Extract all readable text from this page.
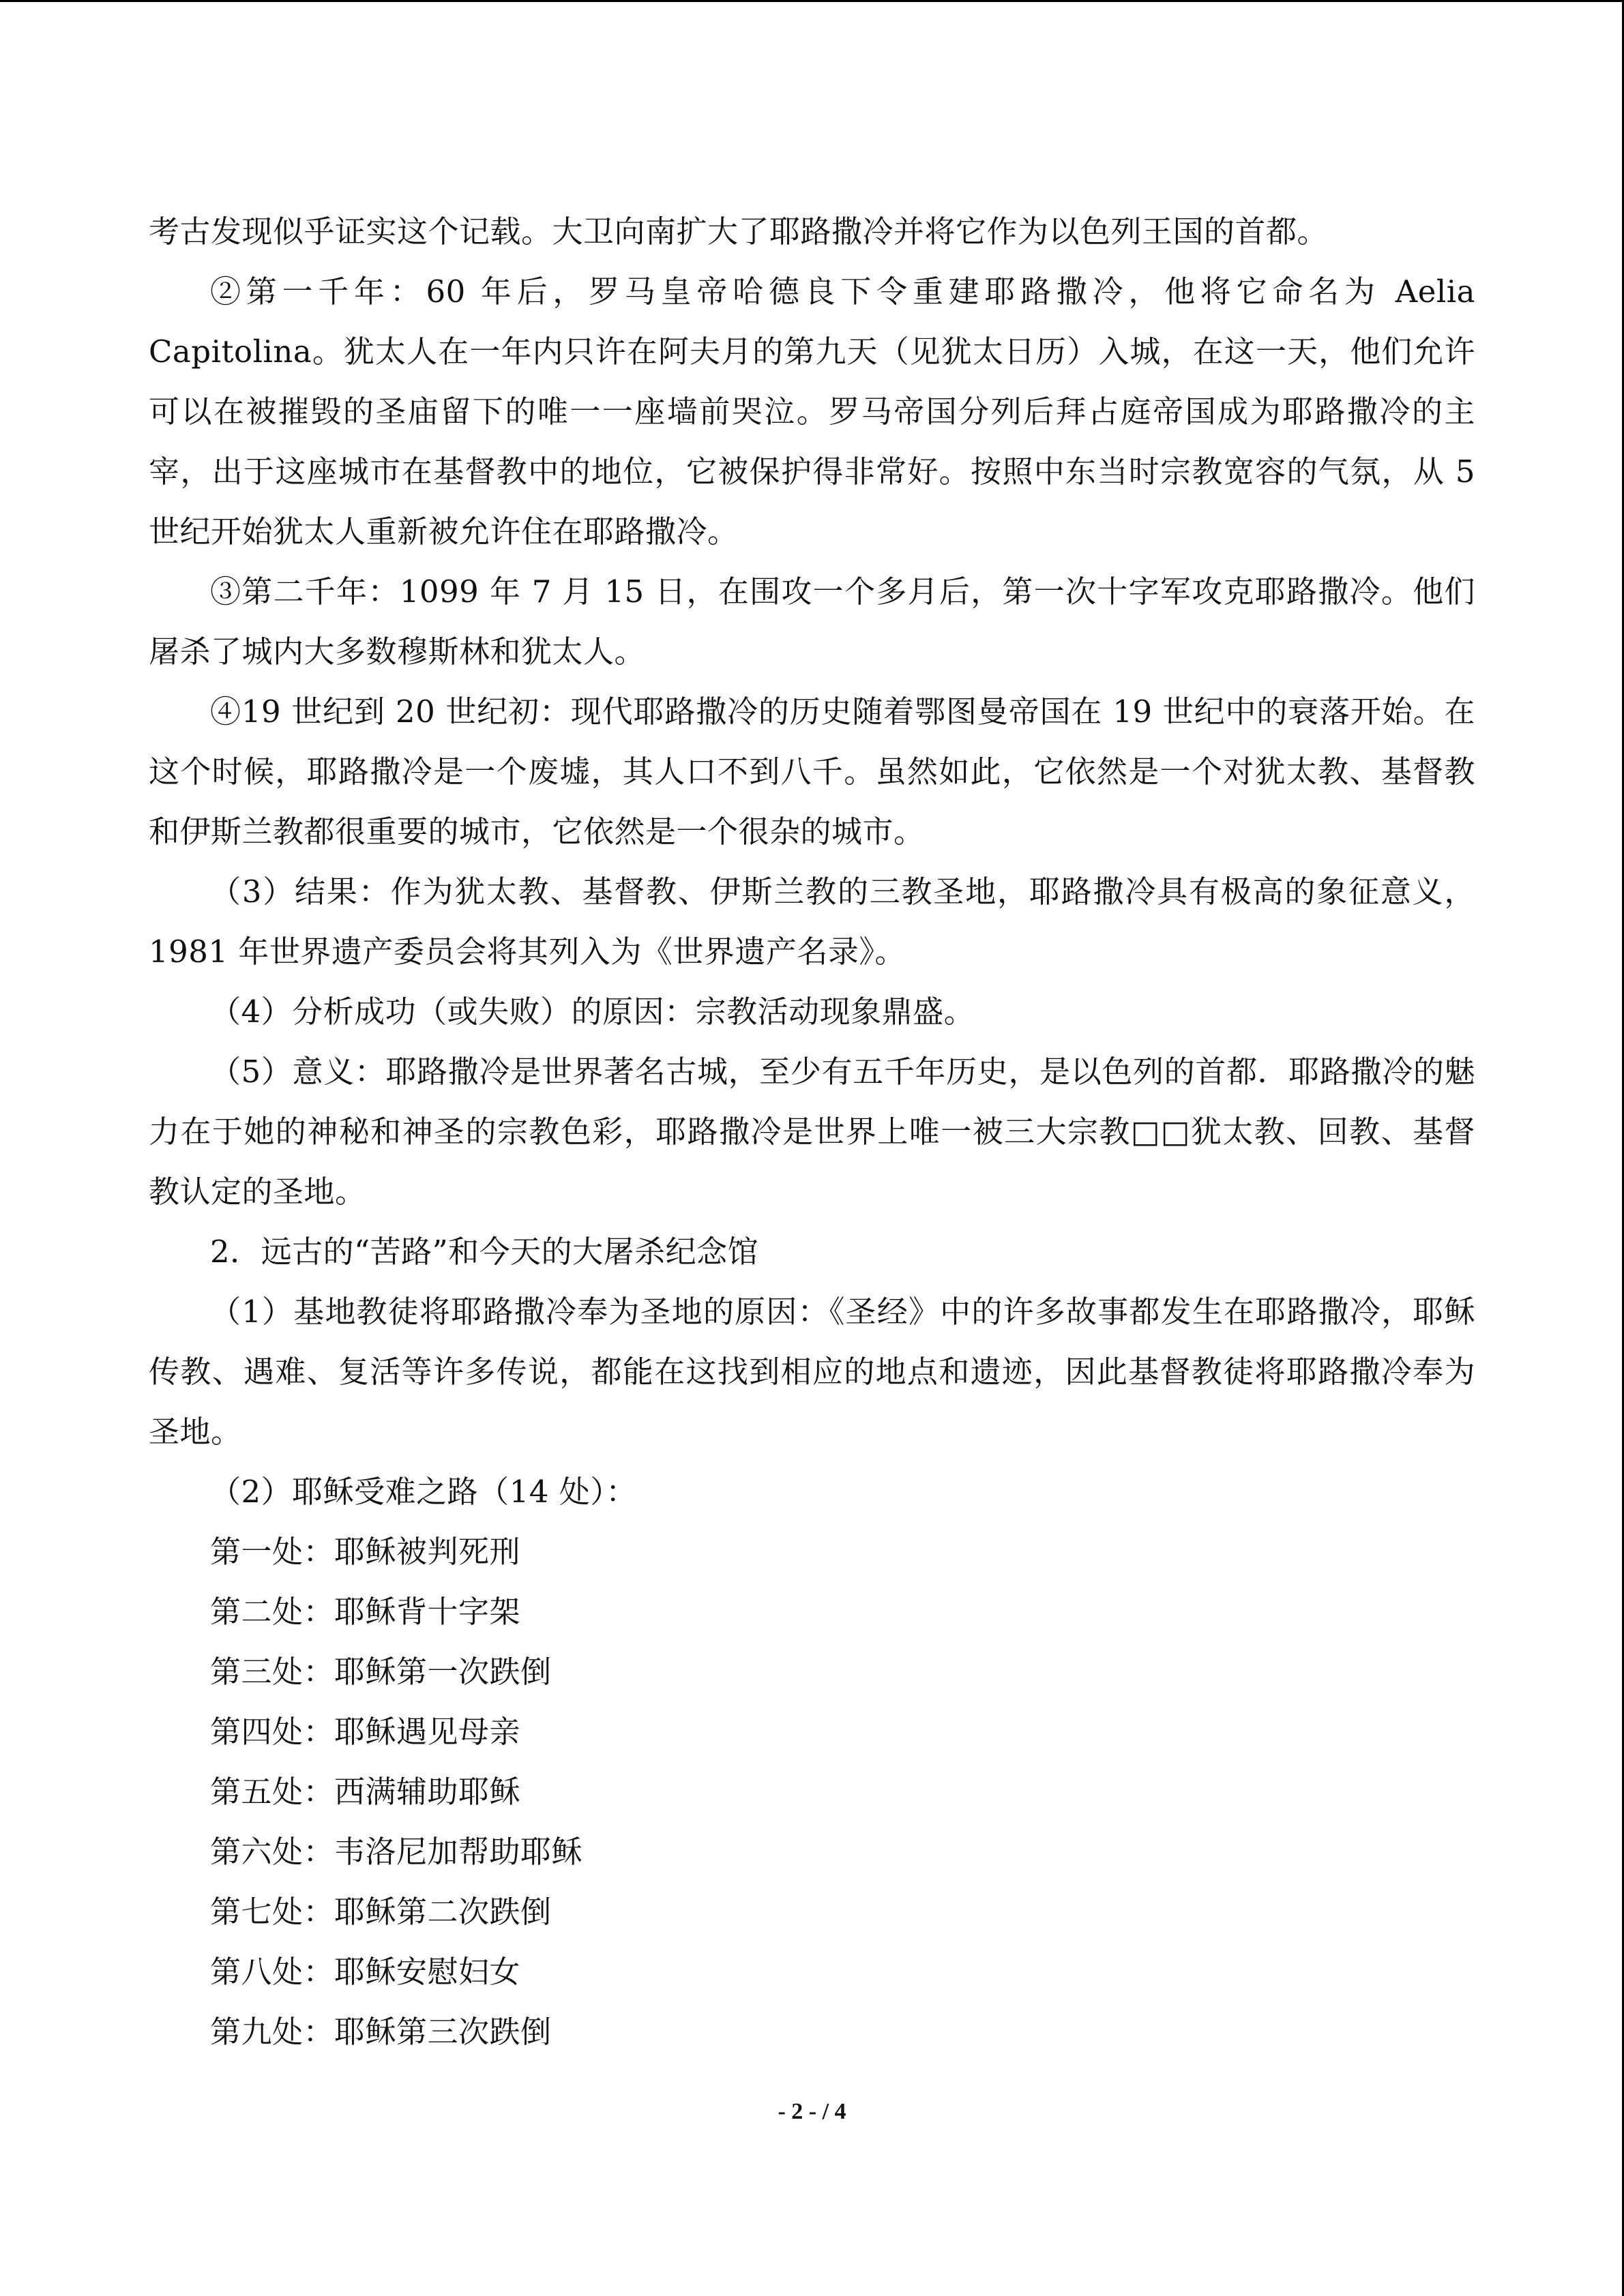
考古发现似乎证实这个记载。大卫向南扩大了耶路撒冷并将它作为以色列王国的首都。

②第一千年：60 年后，罗马皇帝哈德良下令重建耶路撒冷，他将它命名为 Aelia Capitolina。犹太人在一年内只许在阿夫月的第九天（见犹太日历）入城，在这一天，他们允许可以在被摧毁的圣庙留下的唯一一座墙前哭泣。罗马帝国分列后拜占庭帝国成为耶路撒冷的主宰，出于这座城市在基督教中的地位，它被保护得非常好。按照中东当时宗教宽容的气氛，从 5 世纪开始犹太人重新被允许住在耶路撒冷。

③第二千年：1099 年 7 月 15 日，在围攻一个多月后，第一次十字军攻克耶路撒冷。他们屠杀了城内大多数穆斯林和犹太人。

④19 世纪到 20 世纪初：现代耶路撒冷的历史随着鄂图曼帝国在 19 世纪中的衰落开始。在这个时候，耶路撒冷是一个废墟，其人口不到八千。虽然如此，它依然是一个对犹太教、基督教和伊斯兰教都很重要的城市，它依然是一个很杂的城市。

（3）结果：作为犹太教、基督教、伊斯兰教的三教圣地，耶路撒冷具有极高的象征意义，1981 年世界遗产委员会将其列入为《世界遗产名录》。

（4）分析成功（或失败）的原因：宗教活动现象鼎盛。

（5）意义：耶路撒冷是世界著名古城，至少有五千年历史，是以色列的首都．耶路撒冷的魅力在于她的神秘和神圣的宗教色彩，耶路撒冷是世界上唯一被三大宗教□□犹太教、回教、基督教认定的圣地。

2．远古的“苦路”和今天的大屠杀纪念馆

（1）基地教徒将耶路撒冷奉为圣地的原因：《圣经》中的许多故事都发生在耶路撒冷，耶稣传教、遇难、复活等许多传说，都能在这找到相应的地点和遗迹，因此基督教徒将耶路撒冷奉为圣地。

（2）耶稣受难之路（14 处）：

第一处：耶稣被判死刑

第二处：耶稣背十字架

第三处：耶稣第一次跌倒

第四处：耶稣遇见母亲

第五处：西满辅助耶稣

第六处：韦洛尼加帮助耶稣

第七处：耶稣第二次跌倒

第八处：耶稣安慰妇女

第九处：耶稣第三次跌倒

- 2 - / 4
